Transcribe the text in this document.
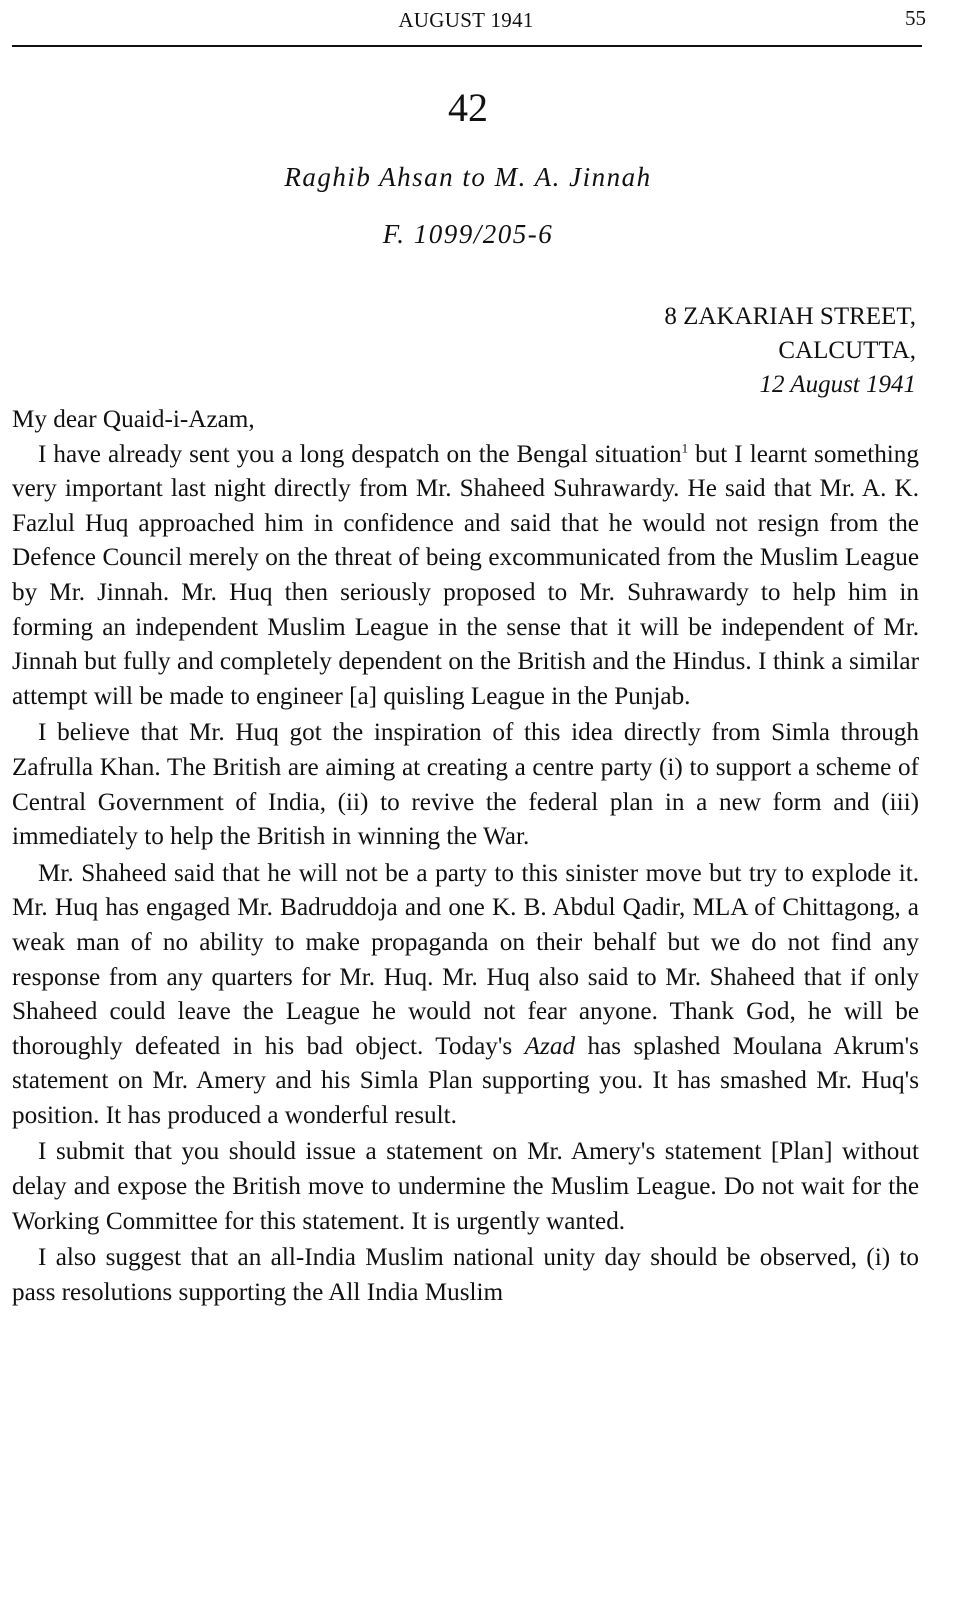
AUGUST 1941	55
42
Raghib Ahsan to M. A. Jinnah
F. 1099/205-6
8 ZAKARIAH STREET,
CALCUTTA,
12 August 1941

My dear Quaid-i-Azam,

I have already sent you a long despatch on the Bengal situation$^1$ but I learnt something very important last night directly from Mr. Shaheed Suhrawardy. He said that Mr. A. K. Fazlul Huq approached him in confidence and said that he would not resign from the Defence Council merely on the threat of being excommunicated from the Muslim League by Mr. Jinnah. Mr. Huq then seriously proposed to Mr. Suhrawardy to help him in forming an independent Muslim League in the sense that it will be independent of Mr. Jinnah but fully and completely dependent on the British and the Hindus. I think a similar attempt will be made to engineer [a] quisling League in the Punjab.

I believe that Mr. Huq got the inspiration of this idea directly from Simla through Zafrulla Khan. The British are aiming at creating a centre party (i) to support a scheme of Central Government of India, (ii) to revive the federal plan in a new form and (iii) immediately to help the British in winning the War.

Mr. Shaheed said that he will not be a party to this sinister move but try to explode it. Mr. Huq has engaged Mr. Badruddoja and one K. B. Abdul Qadir, MLA of Chittagong, a weak man of no ability to make propaganda on their behalf but we do not find any response from any quarters for Mr. Huq. Mr. Huq also said to Mr. Shaheed that if only Shaheed could leave the League he would not fear anyone. Thank God, he will be thoroughly defeated in his bad object. Today's Azad has splashed Moulana Akrum's statement on Mr. Amery and his Simla Plan supporting you. It has smashed Mr. Huq's position. It has produced a wonderful result.

I submit that you should issue a statement on Mr. Amery's statement [Plan] without delay and expose the British move to undermine the Muslim League. Do not wait for the Working Committee for this statement. It is urgently wanted.

I also suggest that an all-India Muslim national unity day should be observed, (i) to pass resolutions supporting the All India Muslim
